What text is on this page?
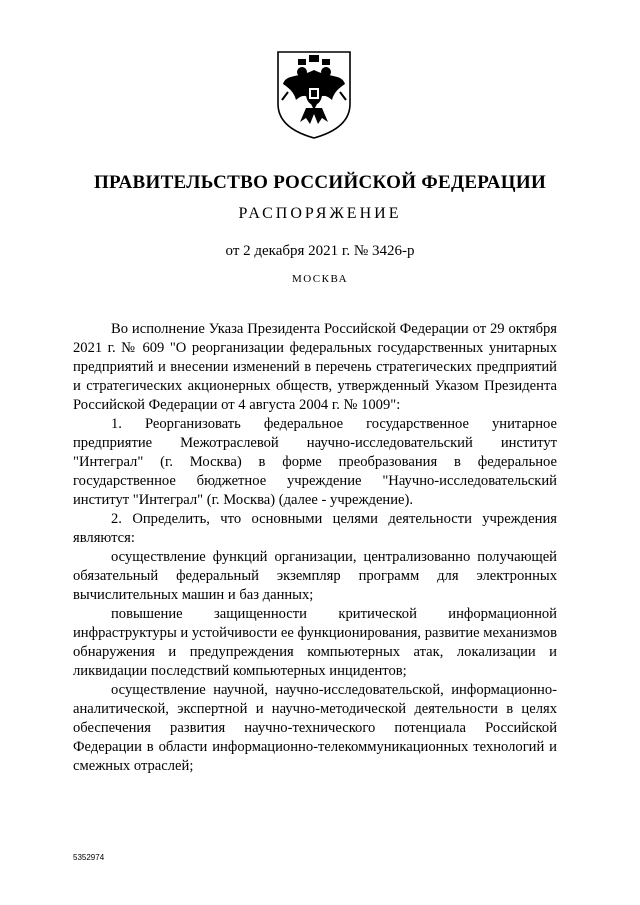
ПРАВИТЕЛЬСТВО РОССИЙСКОЙ ФЕДЕРАЦИИ
РАСПОРЯЖЕНИЕ
от 2 декабря 2021 г. № 3426-р
МОСКВА

Во исполнение Указа Президента Российской Федерации от 29 октября 2021 г. № 609 "О реорганизации федеральных государственных унитарных предприятий и внесении изменений в перечень стратегических предприятий и стратегических акционерных обществ, утвержденный Указом Президента Российской Федерации от 4 августа 2004 г. № 1009":

1. Реорганизовать федеральное государственное унитарное предприятие Межотраслевой научно-исследовательский институт "Интеграл" (г. Москва) в форме преобразования в федеральное государственное бюджетное учреждение "Научно-исследовательский институт "Интеграл" (г. Москва) (далее - учреждение).

2. Определить, что основными целями деятельности учреждения являются:

осуществление функций организации, централизованно получающей обязательный федеральный экземпляр программ для электронных вычислительных машин и баз данных;

повышение защищенности критической информационной инфраструктуры и устойчивости ее функционирования, развитие механизмов обнаружения и предупреждения компьютерных атак, локализации и ликвидации последствий компьютерных инцидентов;

осуществление научной, научно-исследовательской, информационно-аналитической, экспертной и научно-методической деятельности в целях обеспечения развития научно-технического потенциала Российской Федерации в области информационно-телекоммуникационных технологий и смежных отраслей;

5352974
